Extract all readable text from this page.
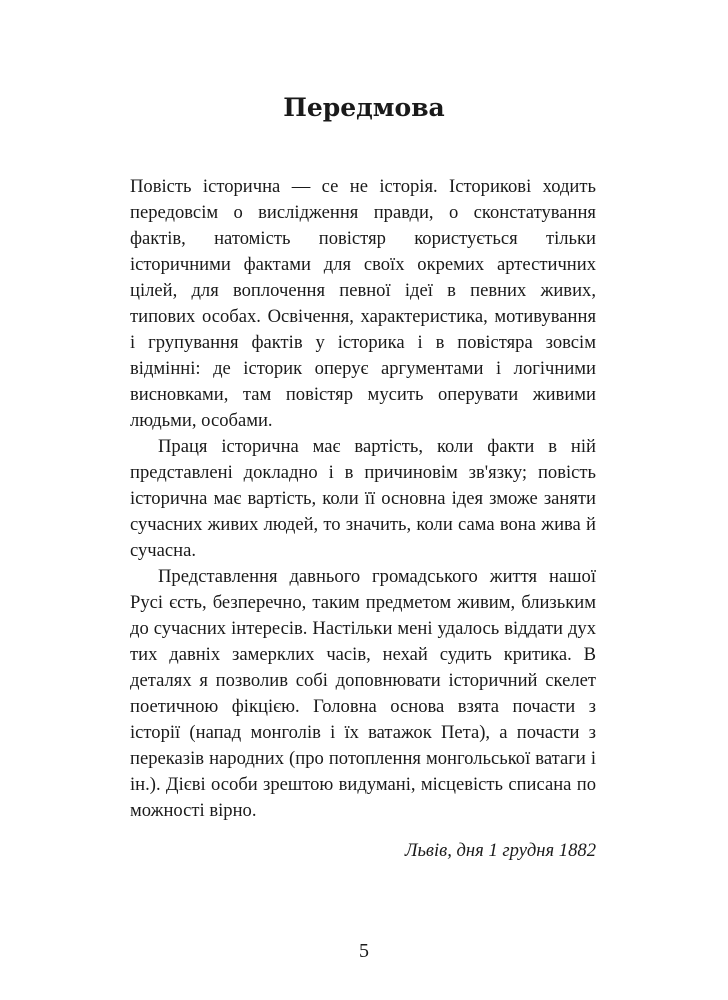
Передмова

Повість історична — се не історія. Історикові ходить передовсім о вислідження правди, о сконстатування фактів, натомість повістяр користується тільки історичними фактами для своїх окремих артестичних цілей, для воплочення певної ідеї в певних живих, типових особах. Освічення, характеристика, мотивування і групування фактів у історика і в повістяра зовсім відмінні: де історик оперує аргументами і логічними висновками, там повістяр мусить оперувати живими людьми, особами.

Праця історична має вартість, коли факти в ній представлені докладно і в причиновім зв'язку; повість історична має вартість, коли її основна ідея зможе заняти сучасних живих людей, то значить, коли сама вона жива й сучасна.

Представлення давнього громадського життя нашої Русі єсть, безперечно, таким предметом живим, близьким до сучасних інтересів. Настільки мені удалось віддати дух тих давніх замерклих часів, нехай судить критика. В деталях я позволив собі доповнювати історичний скелет поетичною фікцією. Головна основа взята почасти з історії (напад монголів і їх ватажок Пета), а почасти з переказів народних (про потоплення монгольської ватаги і ін.). Дієві особи зрештою видумані, місцевість списана по можності вірно.

Львів, дня 1 грудня 1882

5
